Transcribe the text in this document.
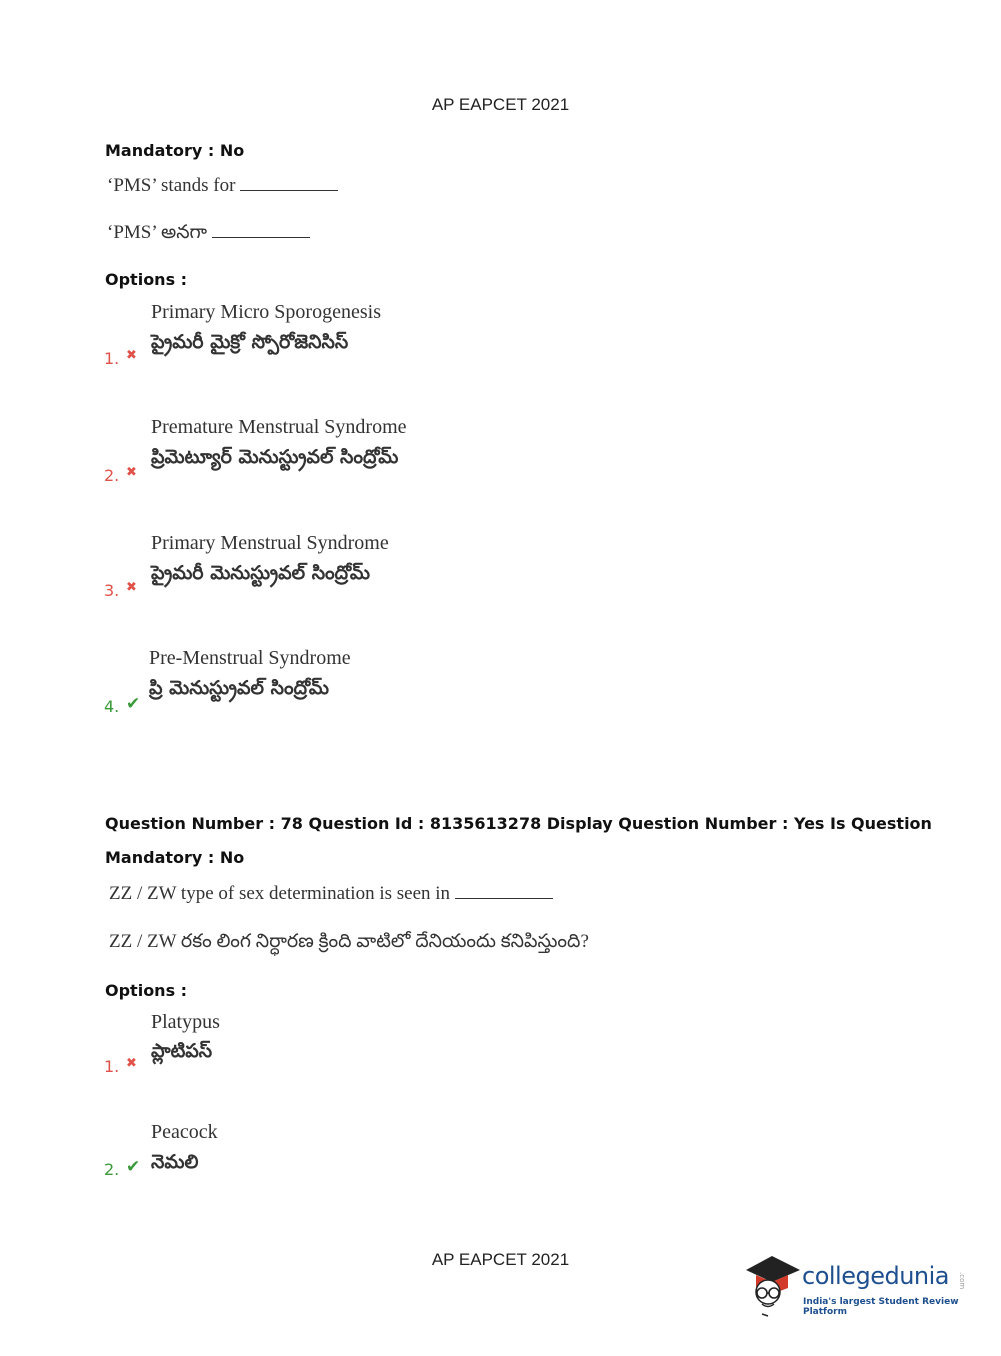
AP EAPCET 2021
Mandatory : No
‘PMS’ stands for
‘PMS’ అనగా
Options :
Primary Micro Sporogenesis
ప్రైమరీ మైక్రో స్పోరోజెనిసిస్
1. ✖
Premature Menstrual Syndrome
ప్రిమెట్యూర్ మెనుస్ట్రువల్ సింద్రోమ్
2. ✖
Primary Menstrual Syndrome
ప్రైమరీ మెనుస్ట్రువల్ సింద్రోమ్
3. ✖
Pre-Menstrual Syndrome
ప్రి మెనుస్ట్రువల్ సింద్రోమ్
4. ✔
Question Number : 78 Question Id : 8135613278 Display Question Number : Yes Is Question
Mandatory : No
ZZ / ZW type of sex determination is seen in
ZZ / ZW రకం లింగ నిర్ధారణ క్రింది వాటిలో దేనియందు కనిపిస్తుంది?
Options :
Platypus
ప్లాటిపస్
1. ✖
Peacock
నెమలి
2. ✔
AP EAPCET 2021
collegedunia .com
India's largest Student Review Platform
